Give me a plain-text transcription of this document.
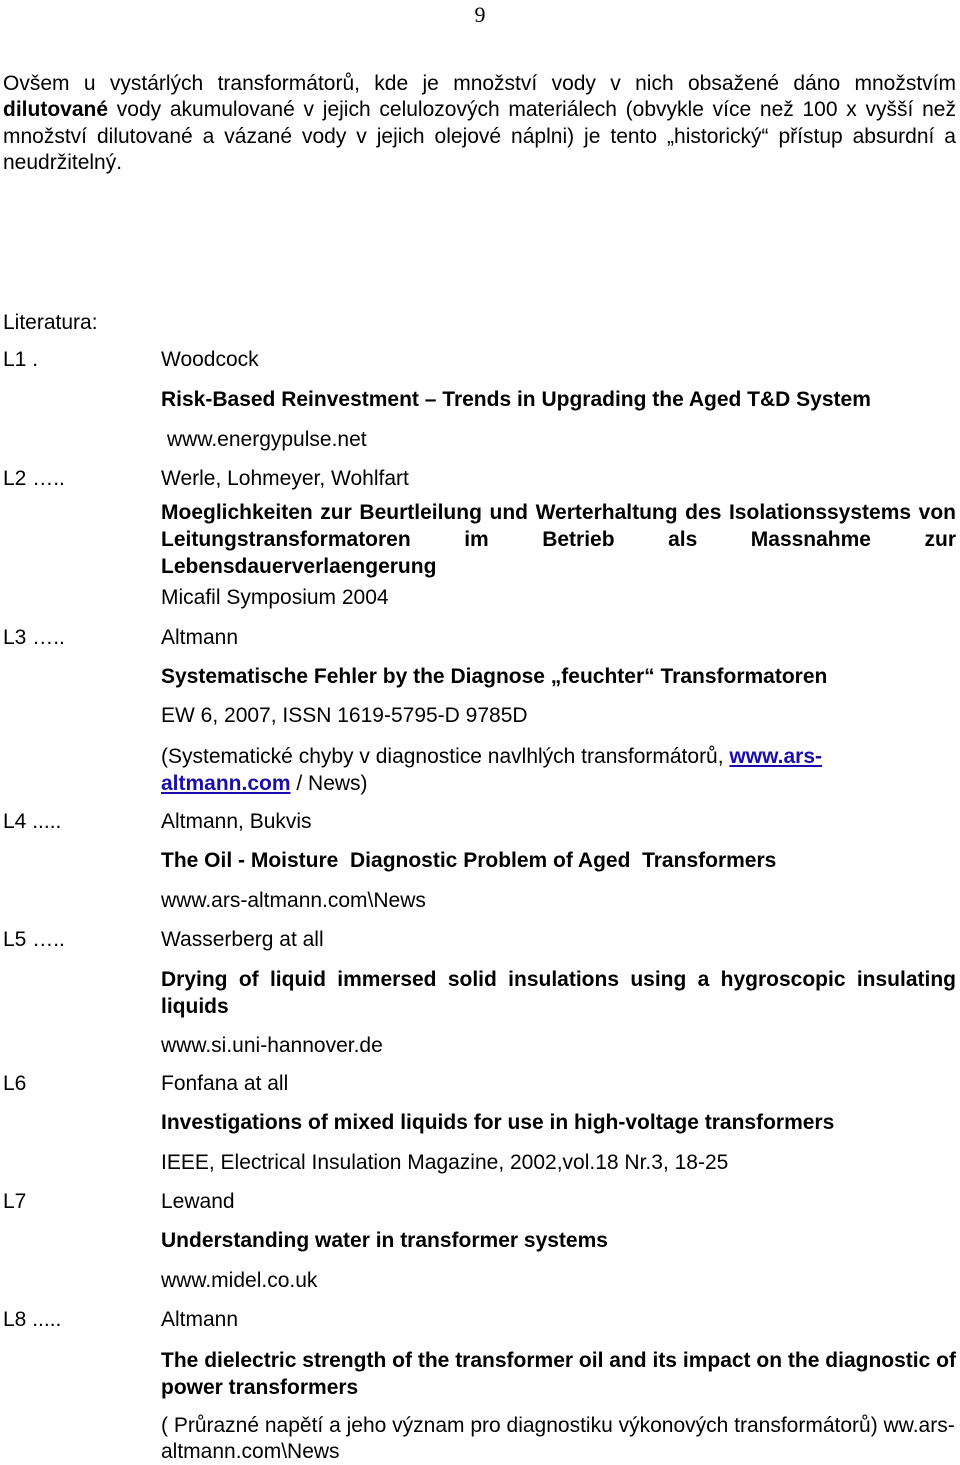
9
Ovšem u vystárlých transformátorů, kde je množství vody v nich obsažené dáno množstvím dilutované vody akumulované v jejich celulozových materiálech (obvykle více než 100 x vyšší než množství dilutované a vázané vody v jejich olejové náplni) je tento „historický“ přístup absurdní a neudržitelný.
Literatura:
L1 .	Woodcock
Risk-Based Reinvestment – Trends in Upgrading the Aged T&D System
www.energypulse.net
L2 …..	Werle, Lohmeyer, Wohlfart
Moeglichkeiten zur Beurtleilung und Werterhaltung des Isolationssystems von Leitungstransformatoren im Betrieb als Massnahme zur Lebensdauerverlaengerung
Micafil Symposium 2004
L3 …..	Altmann
Systematische Fehler by the Diagnose „feuchter“ Transformatoren
EW 6, 2007, ISSN 1619-5795-D 9785D
(Systematické chyby v diagnostice navlhlých transformátorů, www.ars-altmann.com / News)
L4 .....	Altmann, Bukvis
The Oil - Moisture  Diagnostic Problem of Aged  Transformers
www.ars-altmann.com\News
L5 …..	Wasserberg at all
Drying of liquid immersed solid insulations using a hygroscopic insulating liquids
www.si.uni-hannover.de
L6	Fonfana at all
Investigations of mixed liquids for use in high-voltage transformers
IEEE, Electrical Insulation Magazine, 2002,vol.18 Nr.3, 18-25
L7	Lewand
Understanding water in transformer systems
www.midel.co.uk
L8 .....	Altmann
The dielectric strength of the transformer oil and its impact on the diagnostic of power transformers
( Průrazné napětí a jeho význam pro diagnostiku výkonových transformátorů) ww.ars-altmann.com\News
